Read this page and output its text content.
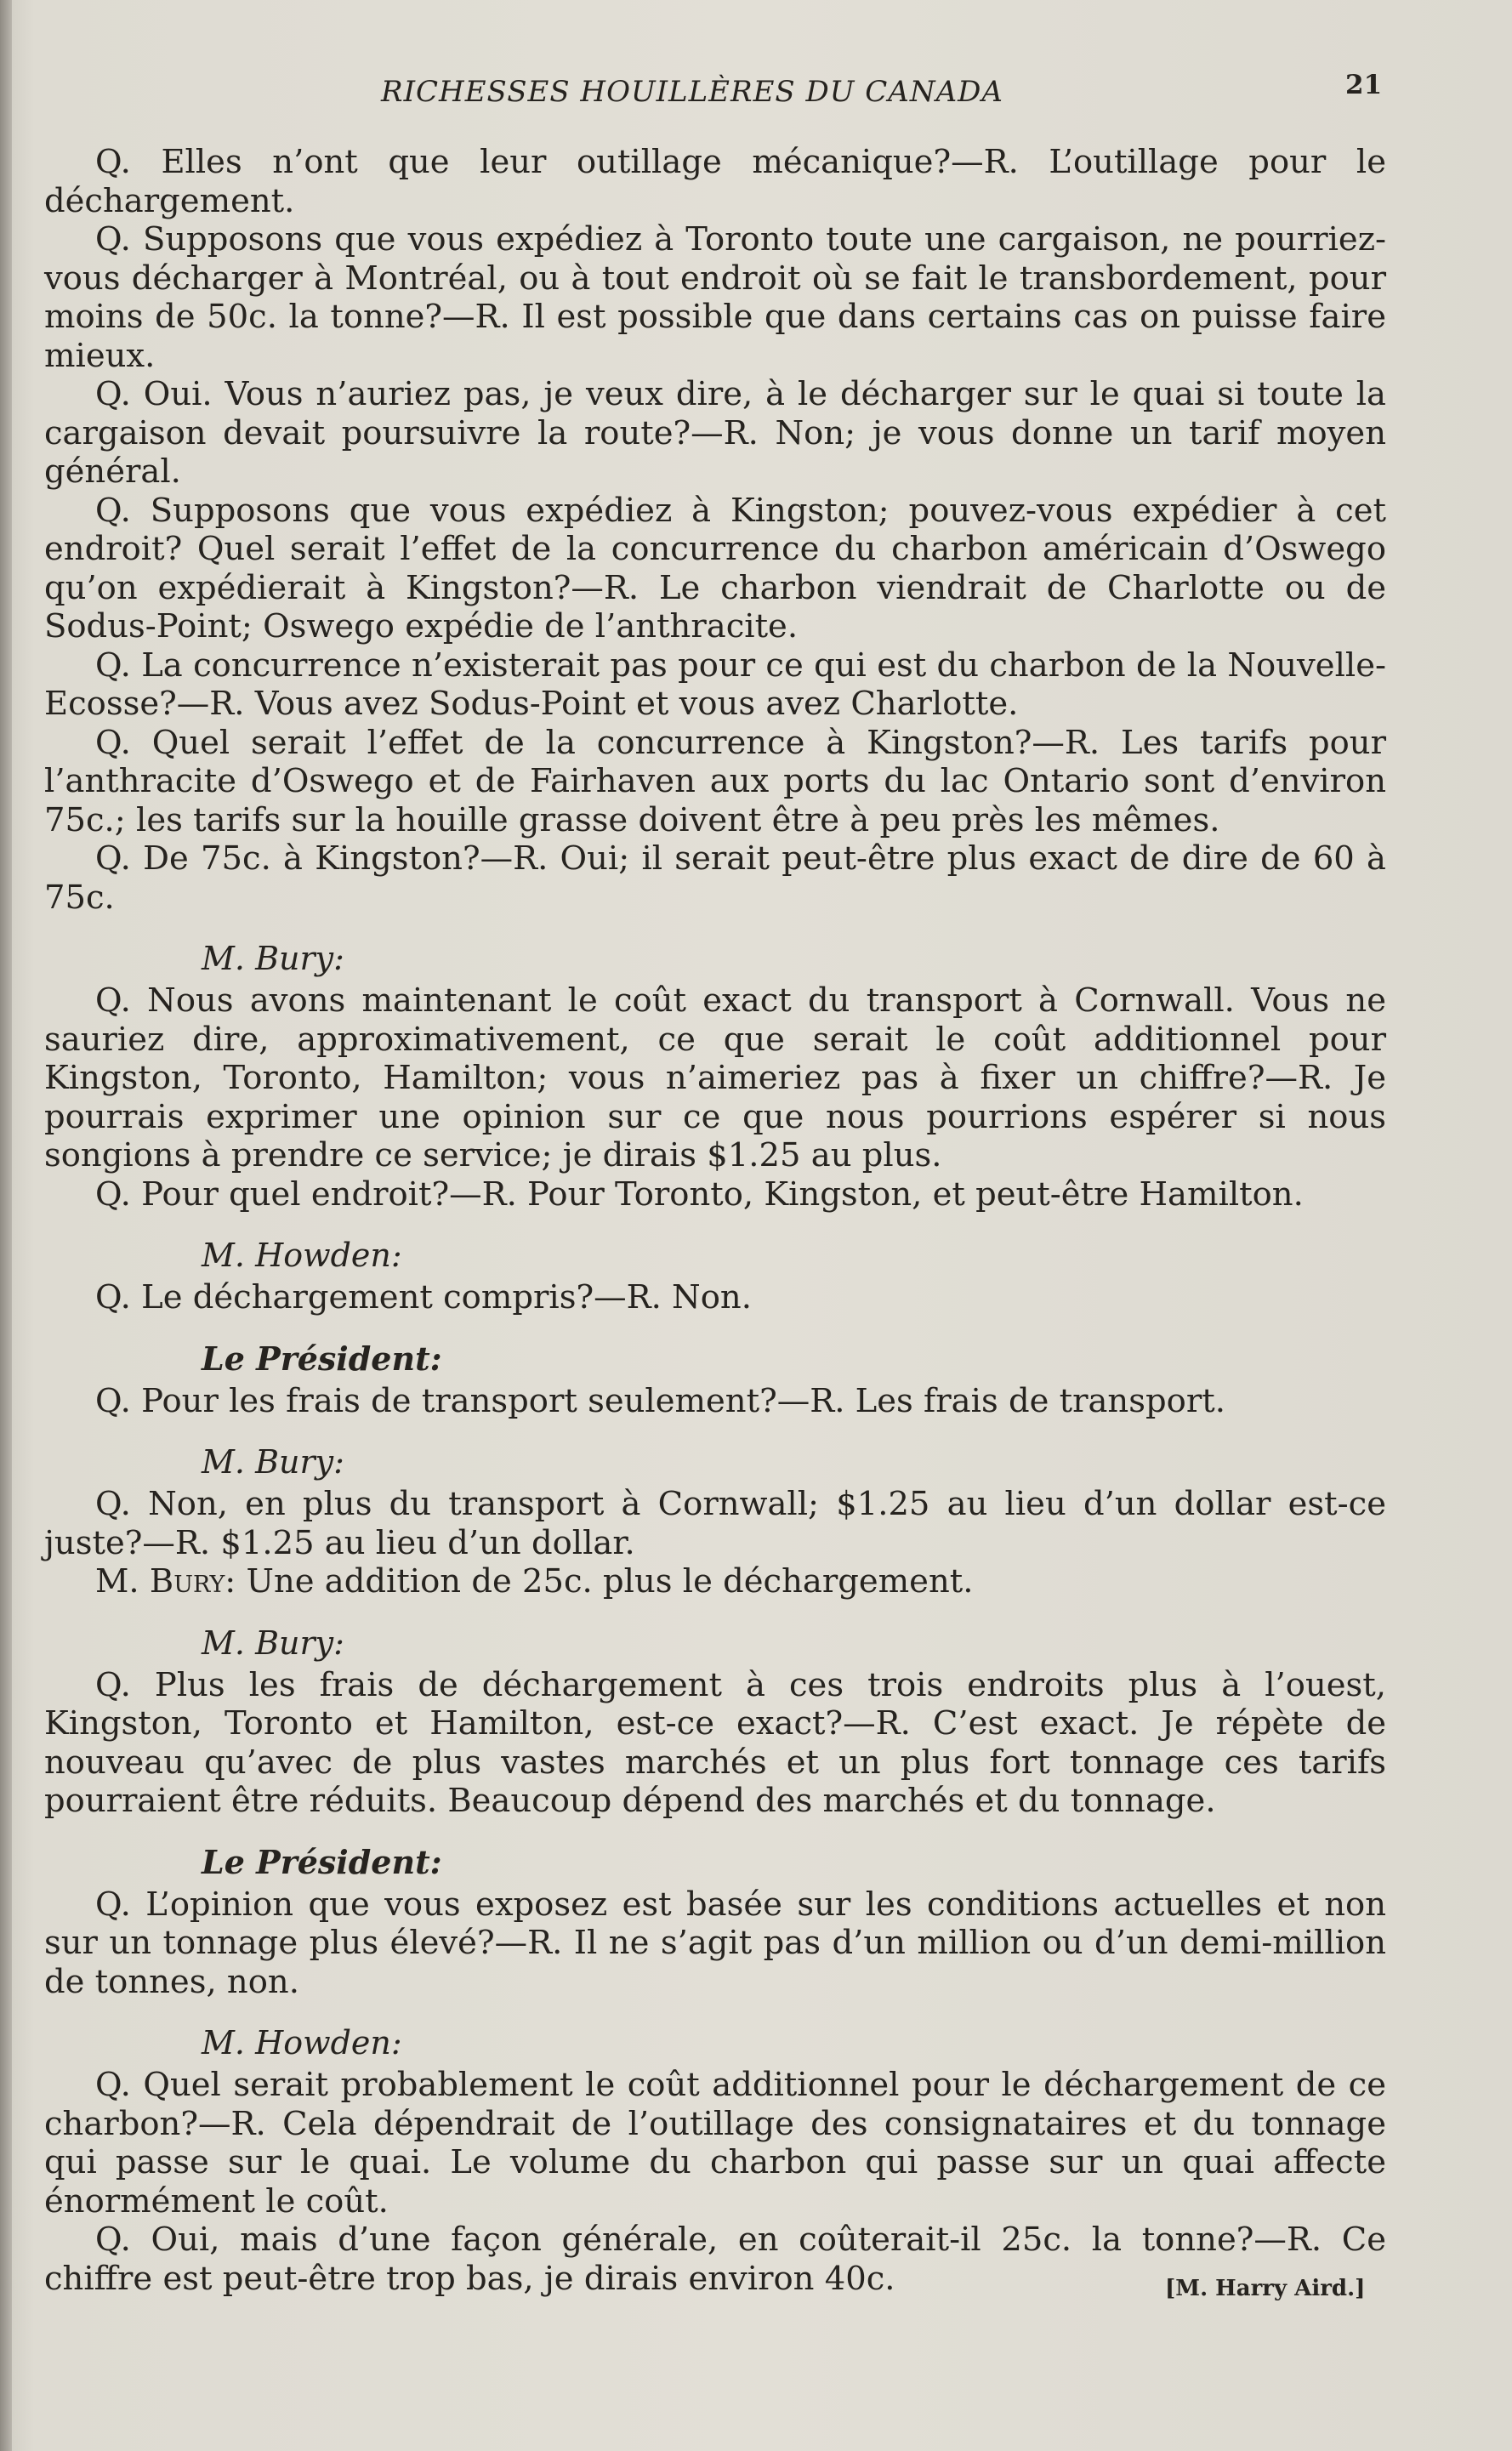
RICHESSES HOUILLÈRES DU CANADA	21

Q. Elles n’ont que leur outillage mécanique?—R. L’outillage pour le déchargement.

Q. Supposons que vous expédiez à Toronto toute une cargaison, ne pourriez-vous décharger à Montréal, ou à tout endroit où se fait le transbordement, pour moins de 50c. la tonne?—R. Il est possible que dans certains cas on puisse faire mieux.

Q. Oui. Vous n’auriez pas, je veux dire, à le décharger sur le quai si toute la cargaison devait poursuivre la route?—R. Non; je vous donne un tarif moyen général.

Q. Supposons que vous expédiez à Kingston; pouvez-vous expédier à cet endroit? Quel serait l’effet de la concurrence du charbon américain d’Oswego qu’on expédierait à Kingston?—R. Le charbon viendrait de Charlotte ou de Sodus-Point; Oswego expédie de l’anthracite.

Q. La concurrence n’existerait pas pour ce qui est du charbon de la Nouvelle-Ecosse?—R. Vous avez Sodus-Point et vous avez Charlotte.

Q. Quel serait l’effet de la concurrence à Kingston?—R. Les tarifs pour l’anthracite d’Oswego et de Fairhaven aux ports du lac Ontario sont d’environ 75c.; les tarifs sur la houille grasse doivent être à peu près les mêmes.

Q. De 75c. à Kingston?—R. Oui; il serait peut-être plus exact de dire de 60 à 75c.

M. Bury:

Q. Nous avons maintenant le coût exact du transport à Cornwall. Vous ne sauriez dire, approximativement, ce que serait le coût additionnel pour Kingston, Toronto, Hamilton; vous n’aimeriez pas à fixer un chiffre?—R. Je pourrais exprimer une opinion sur ce que nous pourrions espérer si nous songions à prendre ce service; je dirais $1.25 au plus.

Q. Pour quel endroit?—R. Pour Toronto, Kingston, et peut-être Hamilton.

M. Howden:

Q. Le déchargement compris?—R. Non.

Le Président:

Q. Pour les frais de transport seulement?—R. Les frais de transport.

M. Bury:

Q. Non, en plus du transport à Cornwall; $1.25 au lieu d’un dollar est-ce juste?—R. $1.25 au lieu d’un dollar.

M. Bury: Une addition de 25c. plus le déchargement.

M. Bury:

Q. Plus les frais de déchargement à ces trois endroits plus à l’ouest, Kingston, Toronto et Hamilton, est-ce exact?—R. C’est exact. Je répète de nouveau qu’avec de plus vastes marchés et un plus fort tonnage ces tarifs pourraient être réduits. Beaucoup dépend des marchés et du tonnage.

Le Président:

Q. L’opinion que vous exposez est basée sur les conditions actuelles et non sur un tonnage plus élevé?—R. Il ne s’agit pas d’un million ou d’un demi-million de tonnes, non.

M. Howden:

Q. Quel serait probablement le coût additionnel pour le déchargement de ce charbon?—R. Cela dépendrait de l’outillage des consignataires et du tonnage qui passe sur le quai. Le volume du charbon qui passe sur un quai affecte énormément le coût.

Q. Oui, mais d’une façon générale, en coûterait-il 25c. la tonne?—R. Ce chiffre est peut-être trop bas, je dirais environ 40c.	[M. Harry Aird.]
